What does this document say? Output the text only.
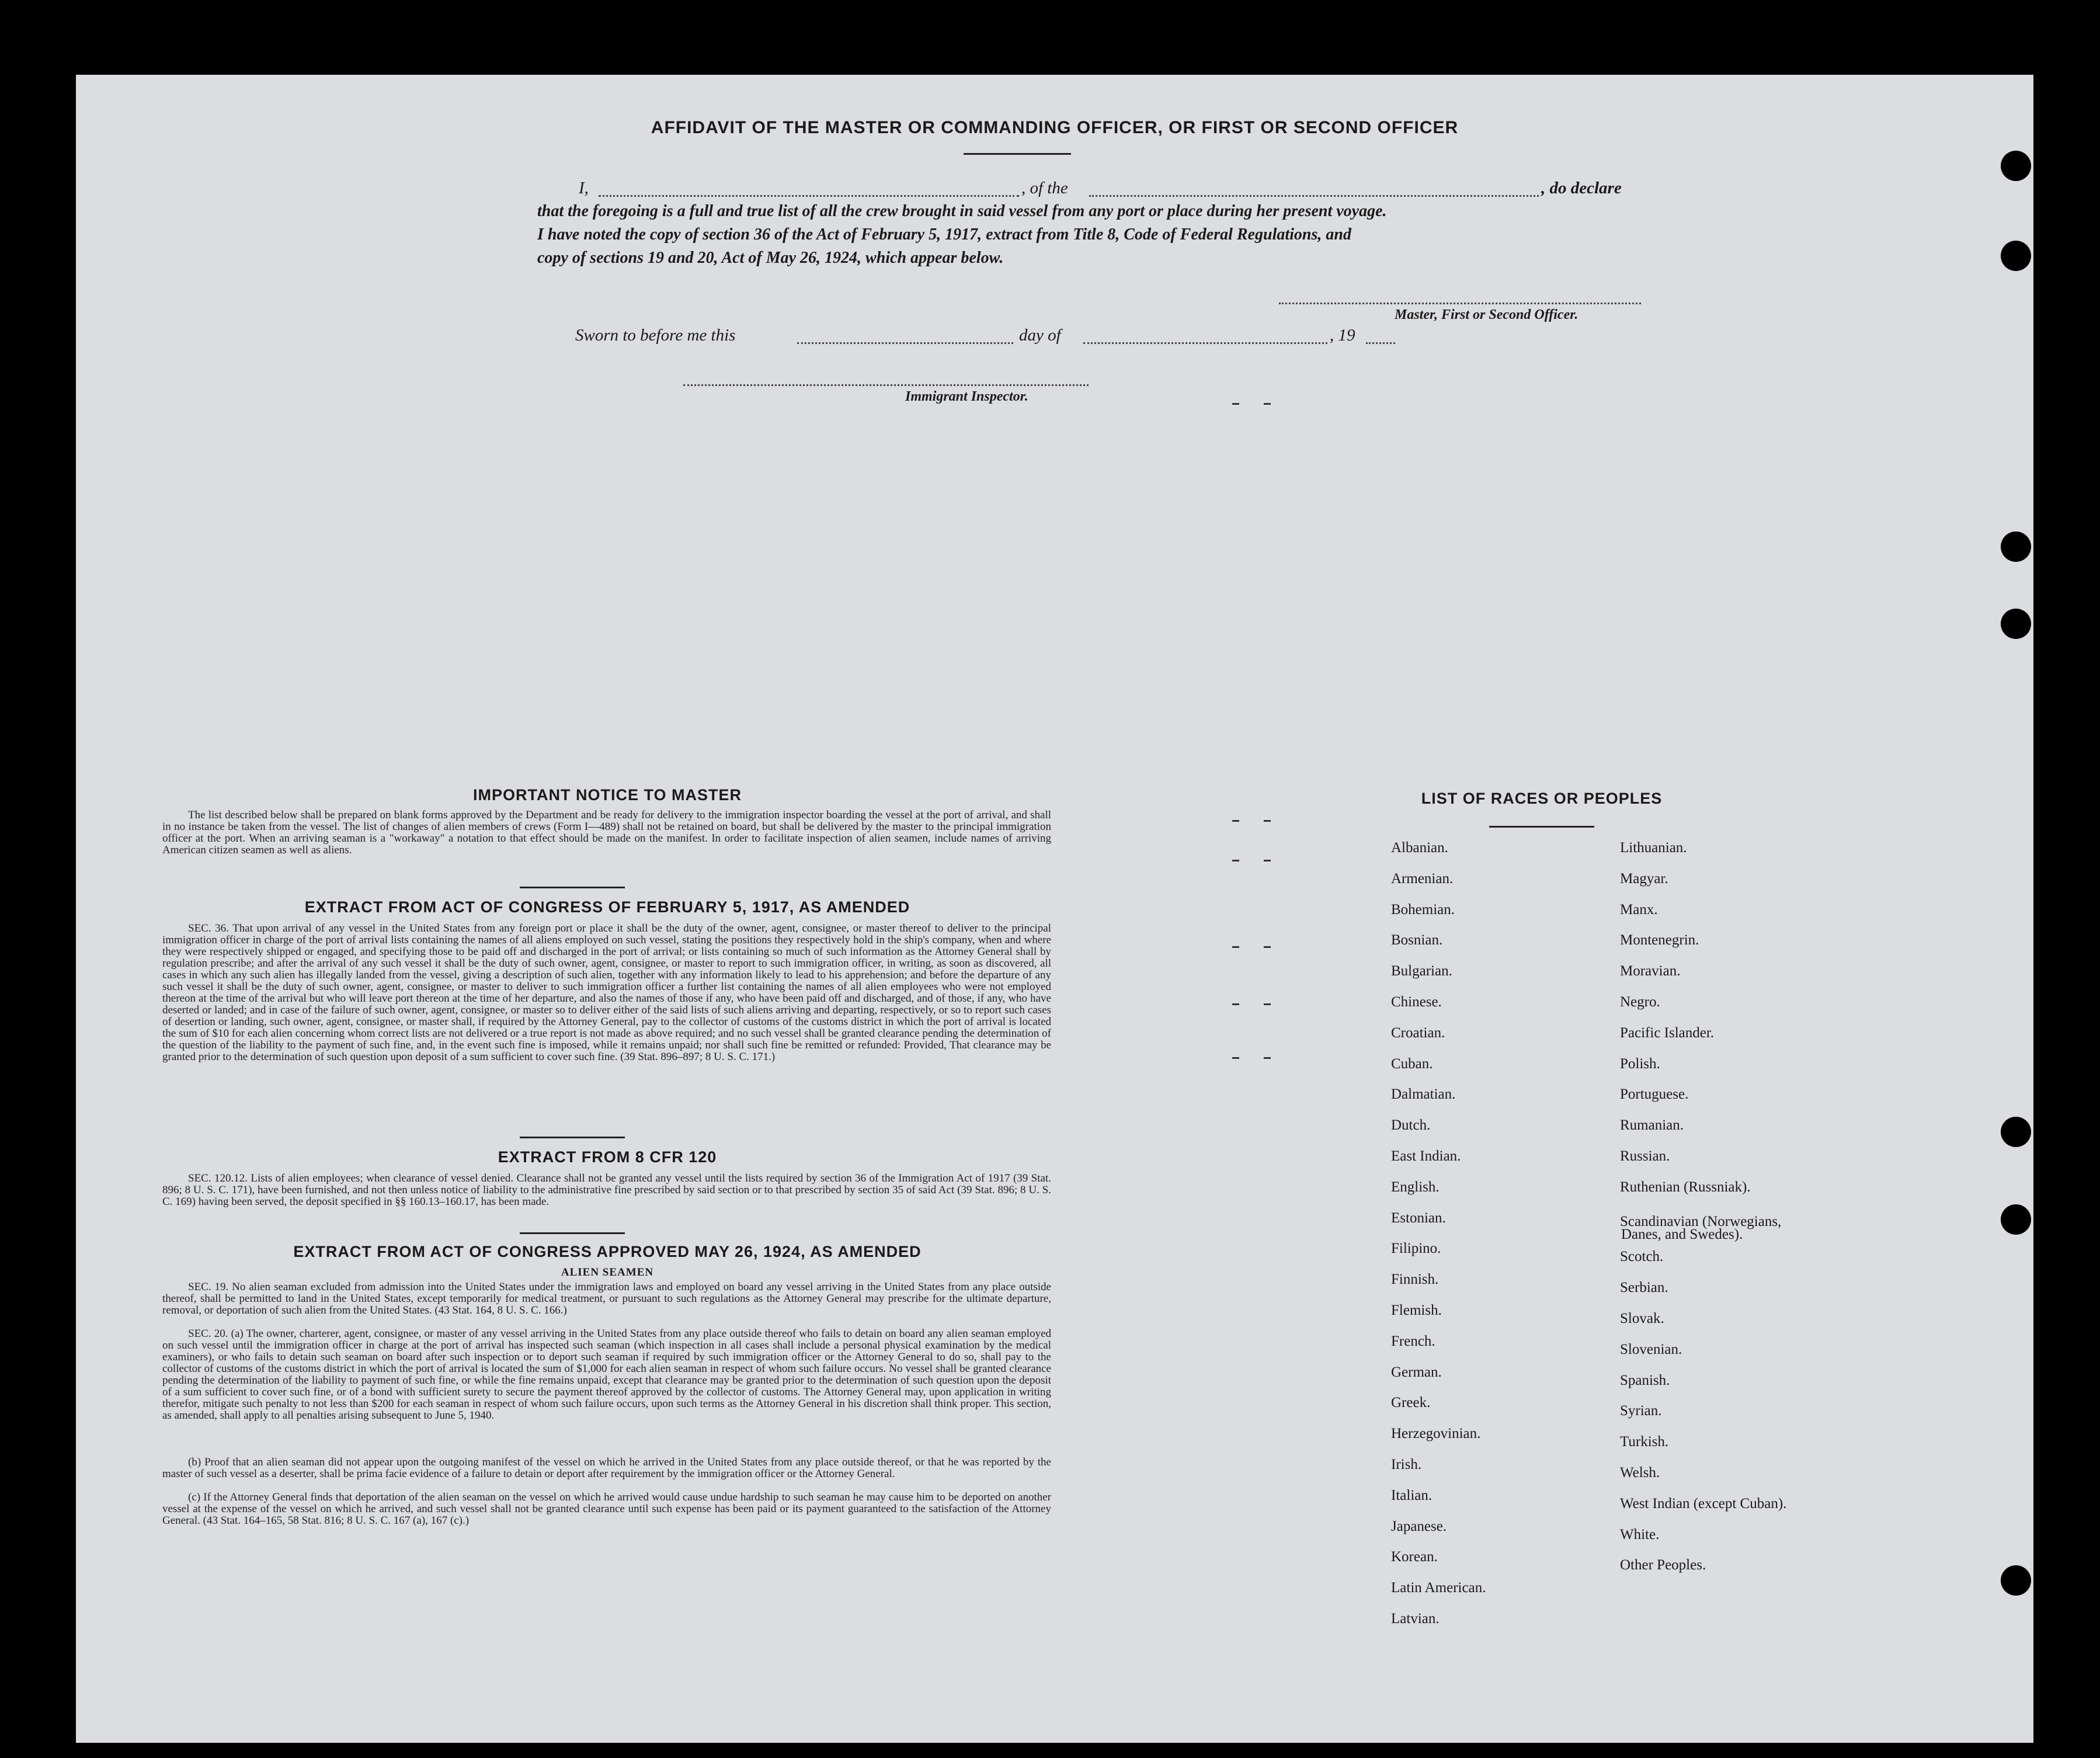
AFFIDAVIT OF THE MASTER OR COMMANDING OFFICER, OR FIRST OR SECOND OFFICER
I,	, of the	, do declare
that the foregoing is a full and true list of all the crew brought in said vessel from any port or place during her present voyage.
I have noted the copy of section 36 of the Act of February 5, 1917, extract from Title 8, Code of Federal Regulations, and
copy of sections 19 and 20, Act of May 26, 1924, which appear below.
Master, First or Second Officer.
Sworn to before me this	day of	, 19
Immigrant Inspector.
IMPORTANT NOTICE TO MASTER
The list described below shall be prepared on blank forms approved by the Department and be ready for delivery to the immigration inspector boarding the vessel at the port of arrival, and shall in no instance be taken from the vessel. The list of changes of alien members of crews (Form I—489) shall not be retained on board, but shall be delivered by the master to the principal immigration officer at the port. When an arriving seaman is a "workaway" a notation to that effect should be made on the manifest. In order to facilitate inspection of alien seamen, include names of arriving American citizen seamen as well as aliens.
EXTRACT FROM ACT OF CONGRESS OF FEBRUARY 5, 1917, AS AMENDED
SEC. 36. That upon arrival of any vessel in the United States from any foreign port or place it shall be the duty of the owner, agent, consignee, or master thereof to deliver to the principal immigration officer in charge of the port of arrival lists containing the names of all aliens employed on such vessel, stating the positions they respectively hold in the ship's company, when and where they were respectively shipped or engaged, and specifying those to be paid off and discharged in the port of arrival; or lists containing so much of such information as the Attorney General shall by regulation prescribe; and after the arrival of any such vessel it shall be the duty of such owner, agent, consignee, or master to report to such immigration officer, in writing, as soon as discovered, all cases in which any such alien has illegally landed from the vessel, giving a description of such alien, together with any information likely to lead to his apprehension; and before the departure of any such vessel it shall be the duty of such owner, agent, consignee, or master to deliver to such immigration officer a further list containing the names of all alien employees who were not employed thereon at the time of the arrival but who will leave port thereon at the time of her departure, and also the names of those if any, who have been paid off and discharged, and of those, if any, who have deserted or landed; and in case of the failure of such owner, agent, consignee, or master so to deliver either of the said lists of such aliens arriving and departing, respectively, or so to report such cases of desertion or landing, such owner, agent, consignee, or master shall, if required by the Attorney General, pay to the collector of customs of the customs district in which the port of arrival is located the sum of $10 for each alien concerning whom correct lists are not delivered or a true report is not made as above required; and no such vessel shall be granted clearance pending the determination of the question of the liability to the payment of such fine, and, in the event such fine is imposed, while it remains unpaid; nor shall such fine be remitted or refunded: Provided, That clearance may be granted prior to the determination of such question upon deposit of a sum sufficient to cover such fine. (39 Stat. 896–897; 8 U. S. C. 171.)
EXTRACT FROM 8 CFR 120
SEC. 120.12. Lists of alien employees; when clearance of vessel denied. Clearance shall not be granted any vessel until the lists required by section 36 of the Immigration Act of 1917 (39 Stat. 896; 8 U. S. C. 171), have been furnished, and not then unless notice of liability to the administrative fine prescribed by said section or to that prescribed by section 35 of said Act (39 Stat. 896; 8 U. S. C. 169) having been served, the deposit specified in §§ 160.13–160.17, has been made.
EXTRACT FROM ACT OF CONGRESS APPROVED MAY 26, 1924, AS AMENDED
ALIEN SEAMEN
SEC. 19. No alien seaman excluded from admission into the United States under the immigration laws and employed on board any vessel arriving in the United States from any place outside thereof, shall be permitted to land in the United States, except temporarily for medical treatment, or pursuant to such regulations as the Attorney General may prescribe for the ultimate departure, removal, or deportation of such alien from the United States. (43 Stat. 164, 8 U. S. C. 166.)
SEC. 20. (a) The owner, charterer, agent, consignee, or master of any vessel arriving in the United States from any place outside thereof who fails to detain on board any alien seaman employed on such vessel until the immigration officer in charge at the port of arrival has inspected such seaman (which inspection in all cases shall include a personal physical examination by the medical examiners), or who fails to detain such seaman on board after such inspection or to deport such seaman if required by such immigration officer or the Attorney General to do so, shall pay to the collector of customs of the customs district in which the port of arrival is located the sum of $1,000 for each alien seaman in respect of whom such failure occurs. No vessel shall be granted clearance pending the determination of the liability to payment of such fine, or while the fine remains unpaid, except that clearance may be granted prior to the determination of such question upon the deposit of a sum sufficient to cover such fine, or of a bond with sufficient surety to secure the payment thereof approved by the collector of customs. The Attorney General may, upon application in writing therefor, mitigate such penalty to not less than $200 for each seaman in respect of whom such failure occurs, upon such terms as the Attorney General in his discretion shall think proper. This section, as amended, shall apply to all penalties arising subsequent to June 5, 1940.
(b) Proof that an alien seaman did not appear upon the outgoing manifest of the vessel on which he arrived in the United States from any place outside thereof, or that he was reported by the master of such vessel as a deserter, shall be prima facie evidence of a failure to detain or deport after requirement by the immigration officer or the Attorney General.
(c) If the Attorney General finds that deportation of the alien seaman on the vessel on which he arrived would cause undue hardship to such seaman he may cause him to be deported on another vessel at the expense of the vessel on which he arrived, and such vessel shall not be granted clearance until such expense has been paid or its payment guaranteed to the satisfaction of the Attorney General. (43 Stat. 164–165, 58 Stat. 816; 8 U. S. C. 167 (a), 167 (c).)
LIST OF RACES OR PEOPLES
Albanian.
Armenian.
Bohemian.
Bosnian.
Bulgarian.
Chinese.
Croatian.
Cuban.
Dalmatian.
Dutch.
East Indian.
English.
Estonian.
Filipino.
Finnish.
Flemish.
French.
German.
Greek.
Herzegovinian.
Irish.
Italian.
Japanese.
Korean.
Latin American.
Latvian.
Lithuanian.
Magyar.
Manx.
Montenegrin.
Moravian.
Negro.
Pacific Islander.
Polish.
Portuguese.
Rumanian.
Russian.
Ruthenian (Russniak).
Scandinavian (Norwegians,
Danes, and Swedes).
Scotch.
Serbian.
Slovak.
Slovenian.
Spanish.
Syrian.
Turkish.
Welsh.
West Indian (except Cuban).
White.
Other Peoples.
